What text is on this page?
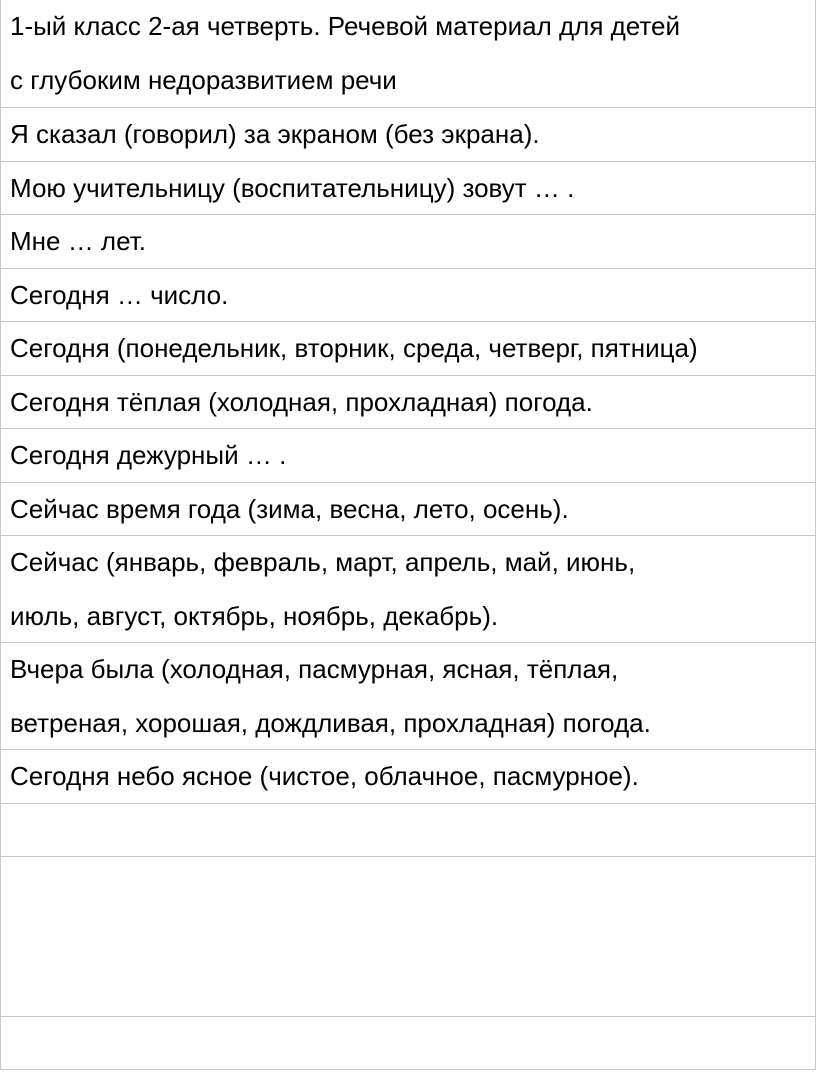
1-ый класс 2-ая четверть. Речевой материал для детей
с глубоким недоразвитием речи
Я сказал (говорил) за экраном (без экрана).
Мою учительницу (воспитательницу) зовут … .
Мне … лет.
Сегодня … число.
Сегодня (понедельник, вторник, среда, четверг, пятница)
Сегодня тёплая (холодная, прохладная) погода.
Сегодня дежурный … .
Сейчас время года (зима, весна, лето, осень).
Сейчас (январь, февраль, март, апрель, май, июнь,
июль, август, октябрь, ноябрь, декабрь).
Вчера была (холодная, пасмурная, ясная, тёплая,
ветреная, хорошая, дождливая, прохладная) погода.
Сегодня небо ясное (чистое, облачное, пасмурное).
